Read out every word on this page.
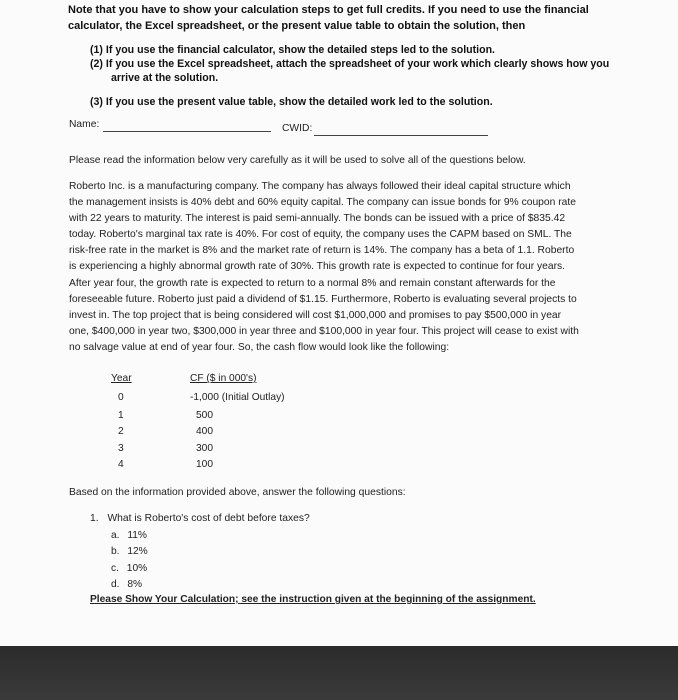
Note that you have to show your calculation steps to get full credits. If you need to use the financial
calculator, the Excel spreadsheet, or the present value table to obtain the solution, then
(1) If you use the financial calculator, show the detailed steps led to the solution.
(2) If you use the Excel spreadsheet, attach the spreadsheet of your work which clearly shows how you
arrive at the solution.
(3) If you use the present value table, show the detailed work led to the solution.
Name:	CWID:
Please read the information below very carefully as it will be used to solve all of the questions below.
Roberto Inc. is a manufacturing company. The company has always followed their ideal capital structure which
the management insists is 40% debt and 60% equity capital. The company can issue bonds for 9% coupon rate
with 22 years to maturity. The interest is paid semi-annually. The bonds can be issued with a price of $835.42
today. Roberto's marginal tax rate is 40%. For cost of equity, the company uses the CAPM based on SML. The
risk-free rate in the market is 8% and the market rate of return is 14%. The company has a beta of 1.1. Roberto
is experiencing a highly abnormal growth rate of 30%. This growth rate is expected to continue for four years.
After year four, the growth rate is expected to return to a normal 8% and remain constant afterwards for the
foreseeable future. Roberto just paid a dividend of $1.15. Furthermore, Roberto is evaluating several projects to
invest in. The top project that is being considered will cost $1,000,000 and promises to pay $500,000 in year
one, $400,000 in year two, $300,000 in year three and $100,000 in year four. This project will cease to exist with
no salvage value at end of year four. So, the cash flow would look like the following:
Year	CF ($ in 000's)
0	-1,000 (Initial Outlay)
1	500
2	400
3	300
4	100
Based on the information provided above, answer the following questions:
1. What is Roberto's cost of debt before taxes?
a. 11%
b. 12%
c. 10%
d. 8%
Please Show Your Calculation; see the instruction given at the beginning of the assignment.
